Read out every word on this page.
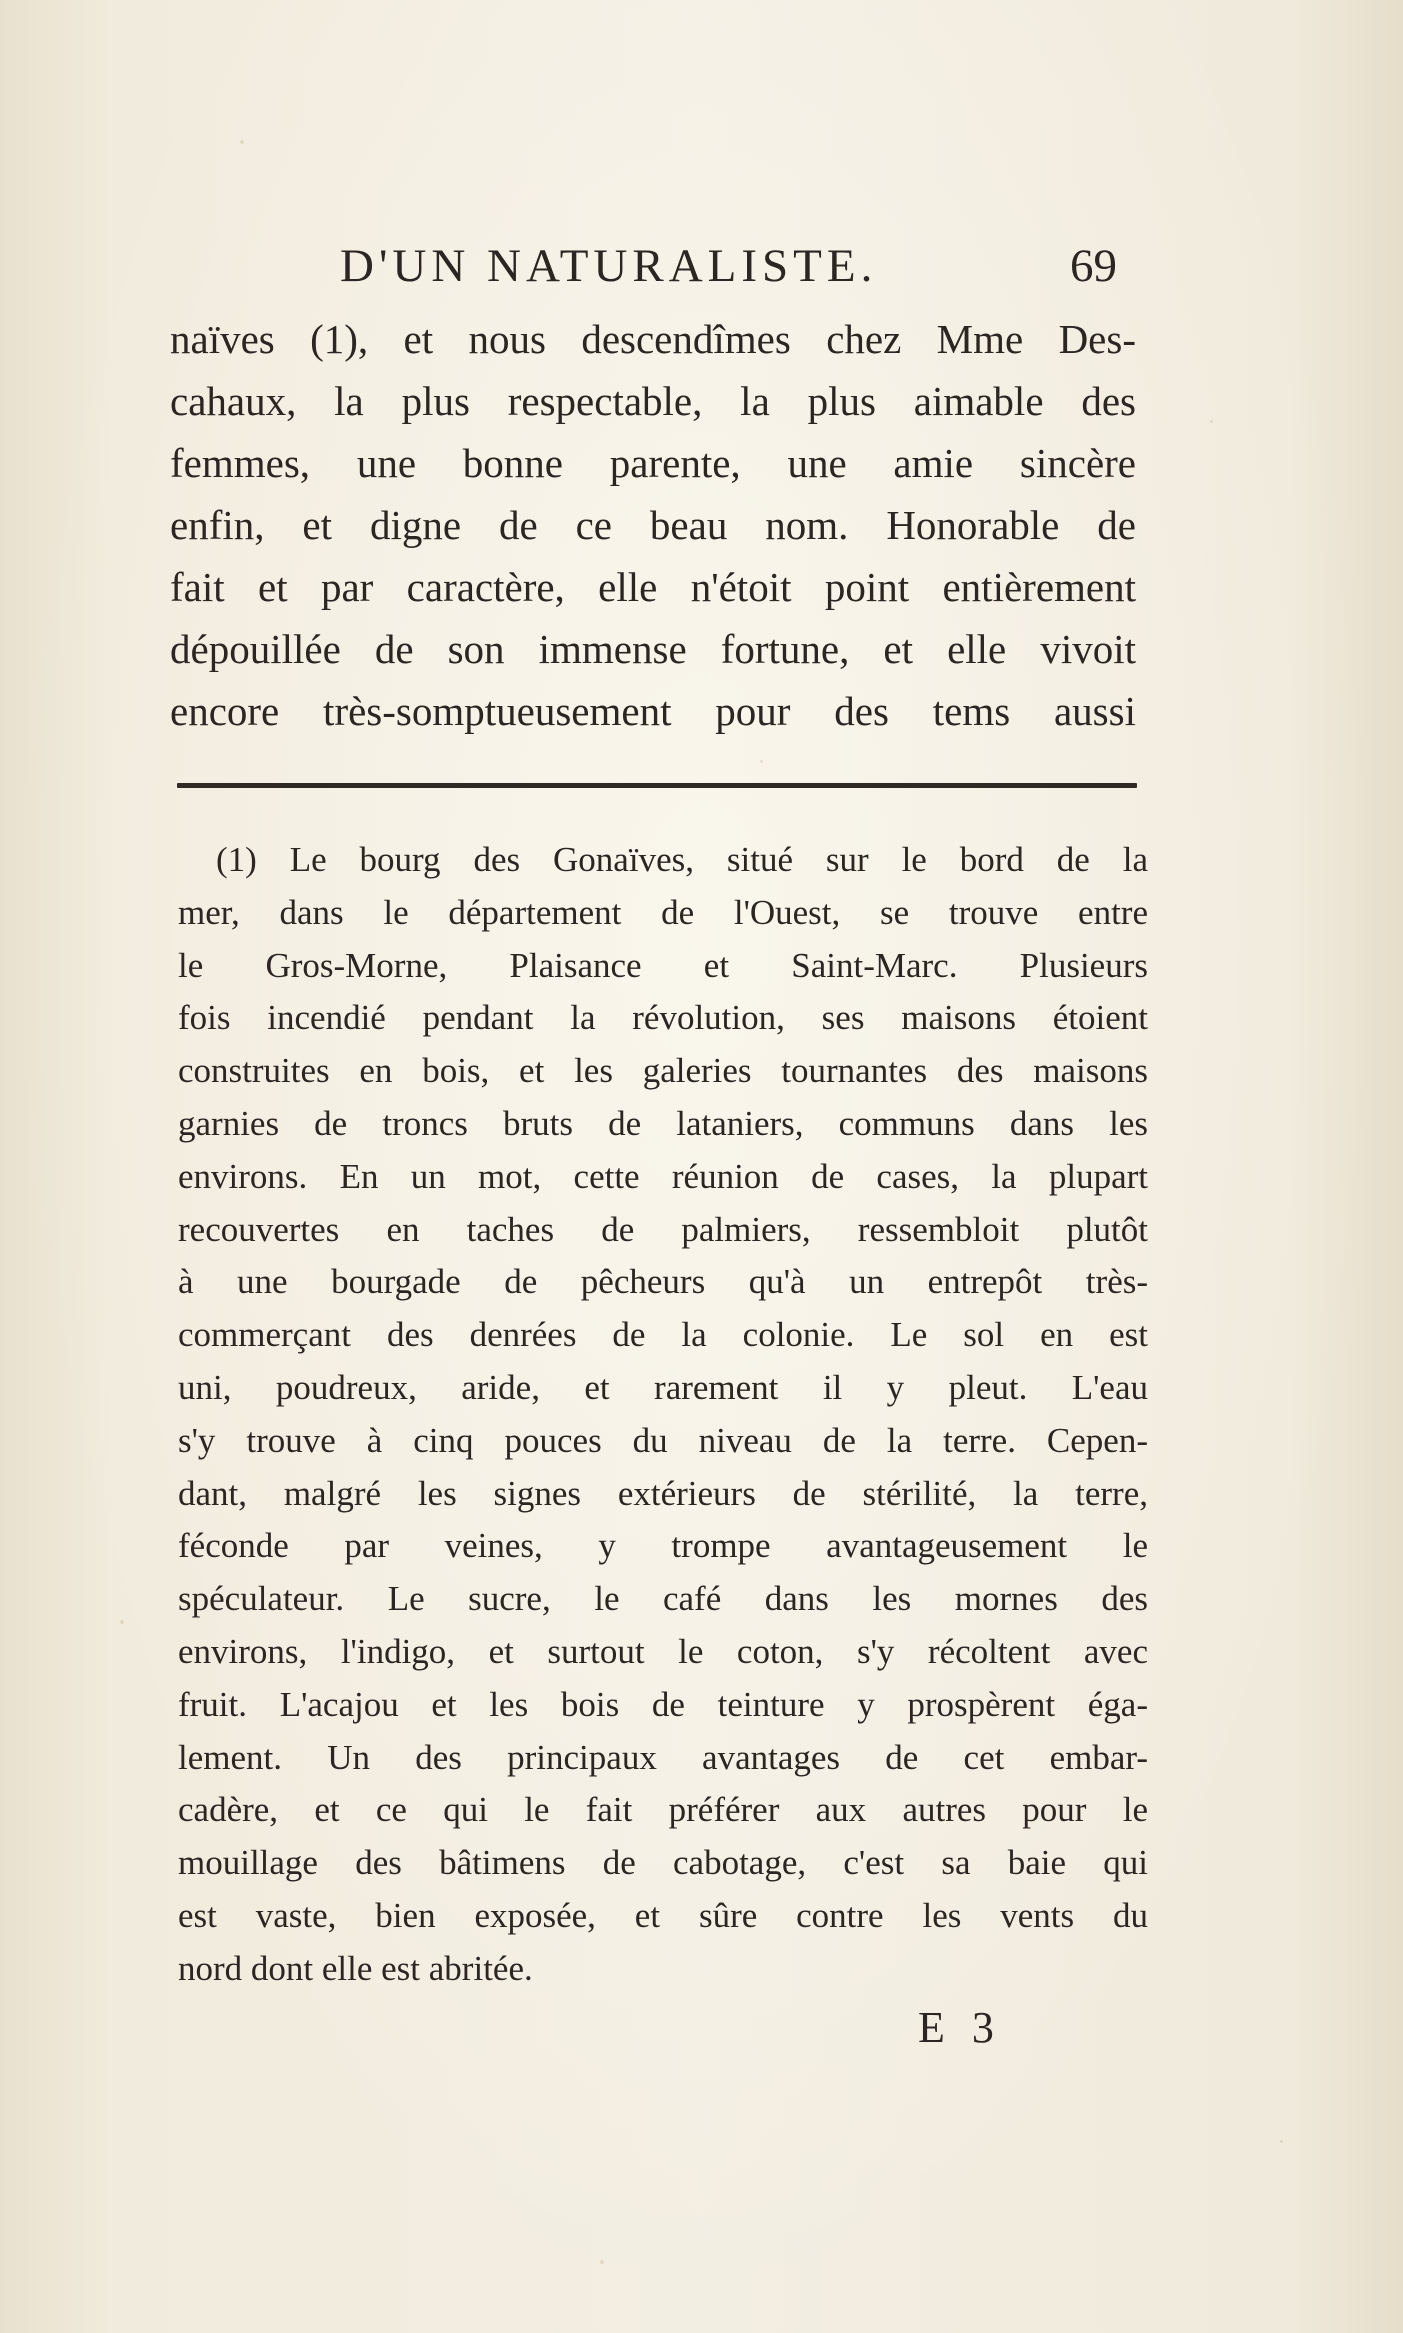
D'UN NATURALISTE.	69
naïves (1), et nous descendîmes chez Mme Des-
cahaux, la plus respectable, la plus aimable des
femmes, une bonne parente, une amie sincère
enfin, et digne de ce beau nom. Honorable de
fait et par caractère, elle n'étoit point entièrement
dépouillée de son immense fortune, et elle vivoit
encore très-somptueusement pour des tems aussi
(1) Le bourg des Gonaïves, situé sur le bord de la
mer, dans le département de l'Ouest, se trouve entre
le Gros-Morne, Plaisance et Saint-Marc. Plusieurs
fois incendié pendant la révolution, ses maisons étoient
construites en bois, et les galeries tournantes des maisons
garnies de troncs bruts de lataniers, communs dans les
environs. En un mot, cette réunion de cases, la plupart
recouvertes en taches de palmiers, ressembloit plutôt
à une bourgade de pêcheurs qu'à un entrepôt très-
commerçant des denrées de la colonie. Le sol en est
uni, poudreux, aride, et rarement il y pleut. L'eau
s'y trouve à cinq pouces du niveau de la terre. Cepen-
dant, malgré les signes extérieurs de stérilité, la terre,
féconde par veines, y trompe avantageusement le
spéculateur. Le sucre, le café dans les mornes des
environs, l'indigo, et surtout le coton, s'y récoltent avec
fruit. L'acajou et les bois de teinture y prospèrent éga-
lement. Un des principaux avantages de cet embar-
cadère, et ce qui le fait préférer aux autres pour le
mouillage des bâtimens de cabotage, c'est sa baie qui
est vaste, bien exposée, et sûre contre les vents du
nord dont elle est abritée.
E 3
